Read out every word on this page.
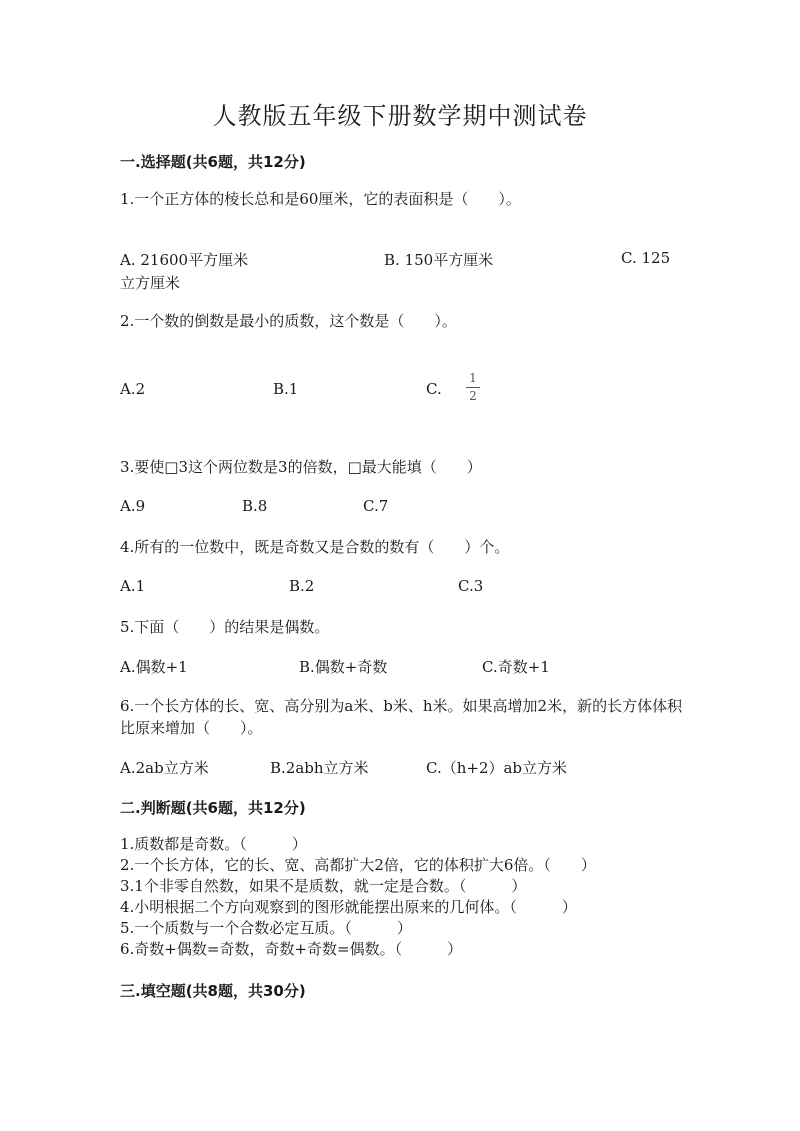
人教版五年级下册数学期中测试卷
一.选择题(共6题，共12分)
1.一个正方体的棱长总和是60厘米，它的表面积是（　　）。
A. 21600平方厘米	B. 150平方厘米	C. 125
立方厘米
2.一个数的倒数是最小的质数，这个数是（　　）。
A.2	B.1	C.
1
2
3.要使□3这个两位数是3的倍数，□最大能填（　　）
A.9	B.8	C.7
4.所有的一位数中，既是奇数又是合数的数有（　　）个。
A.1	B.2	C.3
5.下面（　　）的结果是偶数。
A.偶数+1	B.偶数+奇数	C.奇数+1
6.一个长方体的长、宽、高分别为a米、b米、h米。如果高增加2米，新的长方体体积比原来增加（　　）。
A.2ab立方米	B.2abh立方米	C.（h+2）ab立方米
二.判断题(共6题，共12分)
1.质数都是奇数。（　　　）
2.一个长方体，它的长、宽、高都扩大2倍，它的体积扩大6倍。（　　）
3.1个非零自然数，如果不是质数，就一定是合数。（　　　）
4.小明根据二个方向观察到的图形就能摆出原来的几何体。（　　　）
5.一个质数与一个合数必定互质。（　　　）
6.奇数+偶数=奇数，奇数+奇数=偶数。（　　　）
三.填空题(共8题，共30分)
